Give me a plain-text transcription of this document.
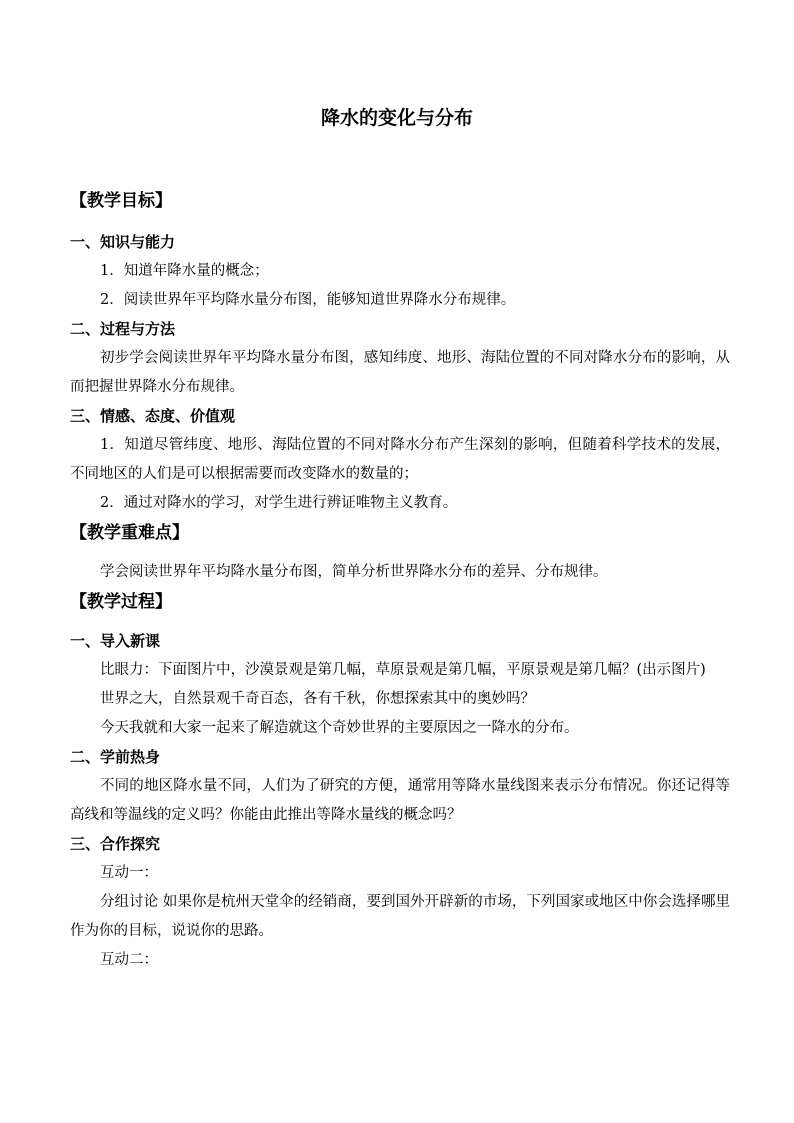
降水的变化与分布
【教学目标】
一、知识与能力
1．知道年降水量的概念；
2．阅读世界年平均降水量分布图，能够知道世界降水分布规律。
二、过程与方法
初步学会阅读世界年平均降水量分布图，感知纬度、地形、海陆位置的不同对降水分布的影响，从而把握世界降水分布规律。
三、情感、态度、价值观
1．知道尽管纬度、地形、海陆位置的不同对降水分布产生深刻的影响，但随着科学技术的发展，不同地区的人们是可以根据需要而改变降水的数量的；
2．通过对降水的学习，对学生进行辨证唯物主义教育。
【教学重难点】
学会阅读世界年平均降水量分布图，简单分析世界降水分布的差异、分布规律。
【教学过程】
一、导入新课
比眼力：下面图片中，沙漠景观是第几幅，草原景观是第几幅，平原景观是第几幅？(出示图片)
世界之大，自然景观千奇百态，各有千秋，你想探索其中的奥妙吗？
今天我就和大家一起来了解造就这个奇妙世界的主要原因之一降水的分布。
二、学前热身
不同的地区降水量不同，人们为了研究的方便，通常用等降水量线图来表示分布情况。你还记得等高线和等温线的定义吗？你能由此推出等降水量线的概念吗？
三、合作探究
互动一：
分组讨论 如果你是杭州天堂伞的经销商，要到国外开辟新的市场，下列国家或地区中你会选择哪里作为你的目标，说说你的思路。
互动二：
